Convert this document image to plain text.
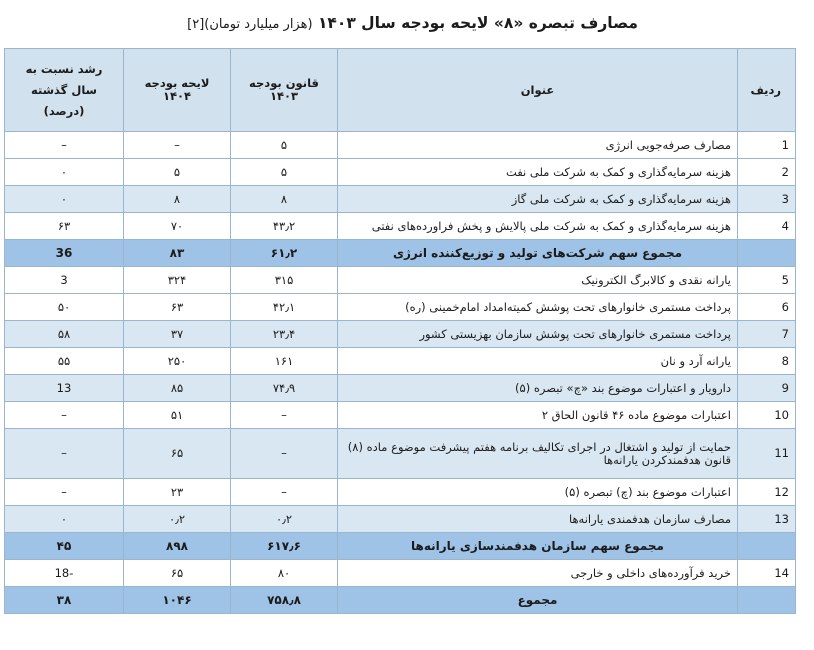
مصارف تبصره «۸» لایحه بودجه سال ۱۴۰۳ (هزار میلیارد تومان)[۲]
ردیف	عنوان	قانون بودجه ۱۴۰۳	لایحه بودجه ۱۴۰۴	رشد نسبت به سال گذشته (درصد)
1	مصارف صرفه‌جویی انرژی	۵	–	–
2	هزینه سرمایه‌گذاری و کمک به شرکت ملی نفت	۵	۵	۰
3	هزینه سرمایه‌گذاری و کمک به شرکت ملی گاز	۸	۸	۰
4	هزینه سرمایه‌گذاری و کمک به شرکت ملی پالایش و پخش فراورده‌های نفتی	۴۳٫۲	۷۰	۶۳
	مجموع سهم شرکت‌های تولید و توزیع‌کننده انرژی	۶۱٫۲	۸۳	36
5	یارانه نقدی و کالابرگ الکترونیک	۳۱۵	۳۲۴	3
6	پرداخت مستمری خانوارهای تحت پوشش کمیته‌امداد امام‌خمینی (ره)	۴۲٫۱	۶۳	۵۰
7	پرداخت مستمری خانوارهای تحت پوشش سازمان بهزیستی کشور	۲۳٫۴	۳۷	۵۸
8	یارانه آرد و نان	۱۶۱	۲۵۰	۵۵
9	دارویار و اعتبارات موضوع بند «چ» تبصره (۵)	۷۴٫۹	۸۵	13
10	اعتبارات موضوع ماده ۴۶ قانون الحاق ۲	–	۵۱	–
11	حمایت از تولید و اشتغال در اجرای تکالیف برنامه هفتم پیشرفت موضوع ماده (۸) قانون هدفمندکردن یارانه‌ها	–	۶۵	–
12	اعتبارات موضوع بند (چ) تبصره (۵)	–	۲۳	–
13	مصارف سازمان هدفمندی یارانه‌ها	۰٫۲	۰٫۲	۰
	مجموع سهم سازمان هدفمندسازی یارانه‌ها	۶۱۷٫۶	۸۹۸	۴۵
14	خرید فرآورده‌های داخلی و خارجی	۸۰	۶۵	-18
	مجموع	۷۵۸٫۸	۱۰۴۶	۳۸
